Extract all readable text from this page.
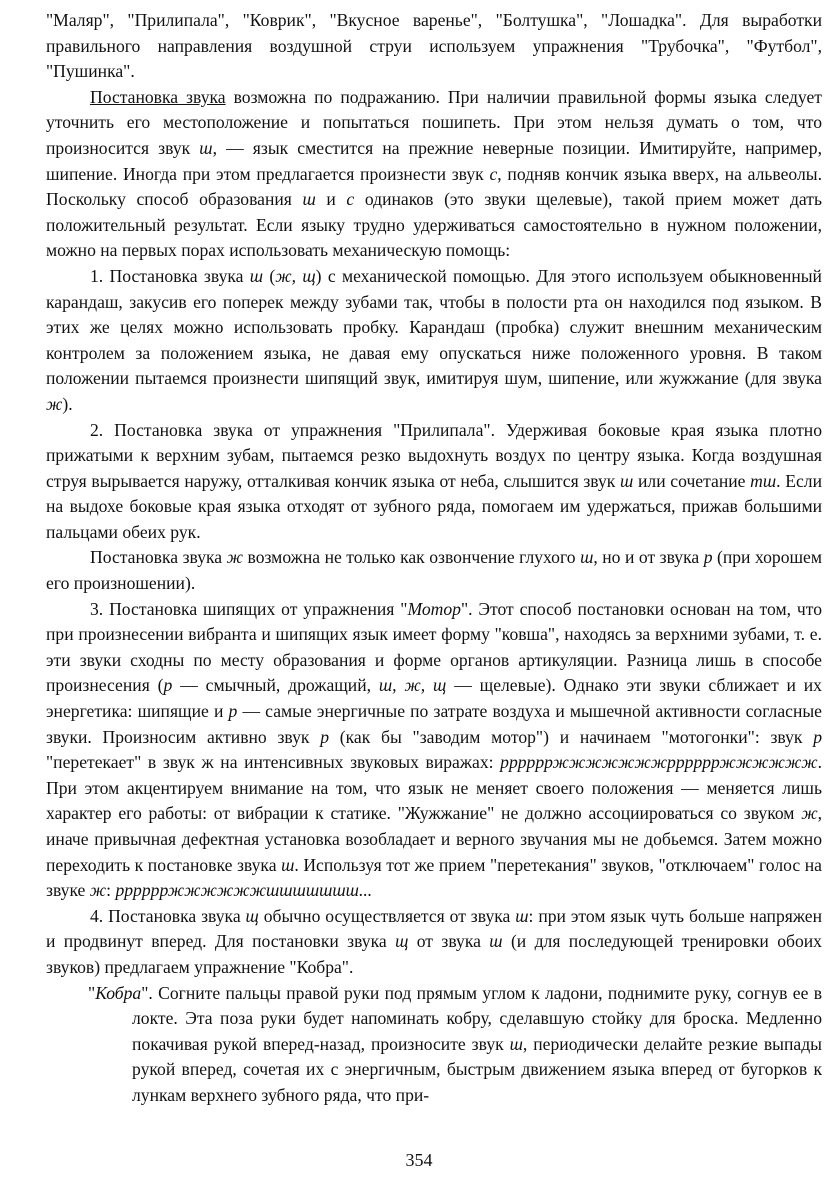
"Маляр", "Прилипала", "Коврик", "Вкусное варенье", "Болтушка", "Лошадка". Для выработки правильного направления воздушной струи используем упражнения "Трубочка", "Футбол", "Пушинка".

Постановка звука возможна по подражанию. При наличии правильной формы языка следует уточнить его местоположение и попытаться пошипеть. При этом нельзя думать о том, что произносится звук ш, — язык сместится на прежние неверные позиции. Имитируйте, например, шипение. Иногда при этом предлагается произнести звук с, подняв кончик языка вверх, на альвеолы. Поскольку способ образования ш и с одинаков (это звуки щелевые), такой прием может дать положительный результат. Если языку трудно удерживаться самостоятельно в нужном положении, можно на первых порах использовать механическую помощь:

1. Постановка звука ш (ж, щ) с механической помощью. Для этого используем обыкновенный карандаш, закусив его поперек между зубами так, чтобы в полости рта он находился под языком. В этих же целях можно использовать пробку. Карандаш (пробка) служит внешним механическим контролем за положением языка, не давая ему опускаться ниже положенного уровня. В таком положении пытаемся произнести шипящий звук, имитируя шум, шипение, или жужжание (для звука ж).

2. Постановка звука от упражнения "Прилипала". Удерживая боковые края языка плотно прижатыми к верхним зубам, пытаемся резко выдохнуть воздух по центру языка. Когда воздушная струя вырывается наружу, отталкивая кончик языка от неба, слышится звук ш или сочетание тш. Если на выдохе боковые края языка отходят от зубного ряда, помогаем им удержаться, прижав большими пальцами обеих рук.

Постановка звука ж возможна не только как озвончение глухого ш, но и от звука р (при хорошем его произношении).

3. Постановка шипящих от упражнения "Мотор". Этот способ постановки основан на том, что при произнесении вибранта и шипящих язык имеет форму "ковша", находясь за верхними зубами, т. е. эти звуки сходны по месту образования и форме органов артикуляции. Разница лишь в способе произнесения (р — смычный, дрожащий, ш, ж, щ — щелевые). Однако эти звуки сближает и их энергетика: шипящие и р — самые энергичные по затрате воздуха и мышечной активности согласные звуки. Произносим активно звук р (как бы "заводим мотор") и начинаем "мотогонки": звук р "перетекает" в звук ж на интенсивных звуковых виражах: рррррржжжжжжжрррррржжжжжж. При этом акцентируем внимание на том, что язык не меняет своего положения — меняется лишь характер его работы: от вибрации к статике. "Жужжание" не должно ассоциироваться со звуком ж, иначе привычная дефектная установка возобладает и верного звучания мы не добьемся. Затем можно переходить к постановке звука ш. Используя тот же прием "перетекания" звуков, "отключаем" голос на звуке ж: рррррржжжжжжшшшшшшш...

4. Постановка звука щ обычно осуществляется от звука ш: при этом язык чуть больше напряжен и продвинут вперед. Для постановки звука щ от звука ш (и для последующей тренировки обоих звуков) предлагаем упражнение "Кобра".

"Кобра". Согните пальцы правой руки под прямым углом к ладони, поднимите руку, согнув ее в локте. Эта поза руки будет напоминать кобру, сделавшую стойку для броска. Медленно покачивая рукой вперед-назад, произносите звук ш, периодически делайте резкие выпады рукой вперед, сочетая их с энергичным, быстрым движением языка вперед от бугорков к лункам верхнего зубного ряда, что при-

354
